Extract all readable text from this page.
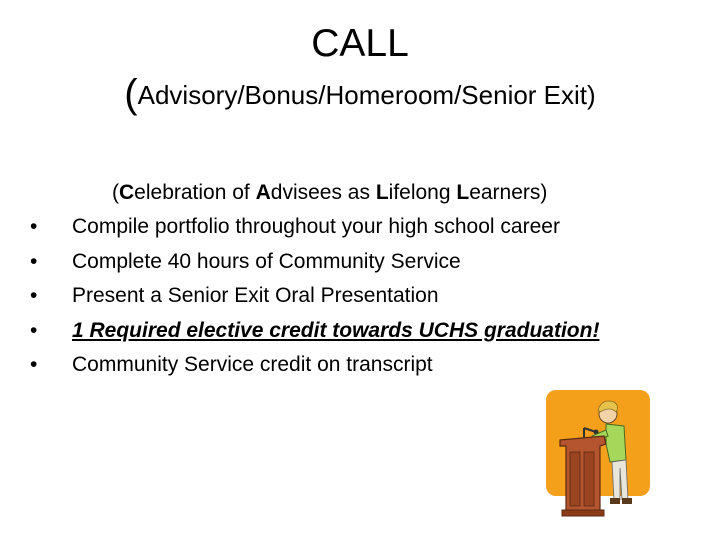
CALL
(Advisory/Bonus/Homeroom/Senior Exit)
(Celebration of Advisees as Lifelong Learners)
•	Compile portfolio throughout your high school career
•	Complete 40 hours of Community Service
•	Present a Senior Exit Oral Presentation
•	1 Required elective credit towards UCHS graduation!
•	Community Service credit on transcript
